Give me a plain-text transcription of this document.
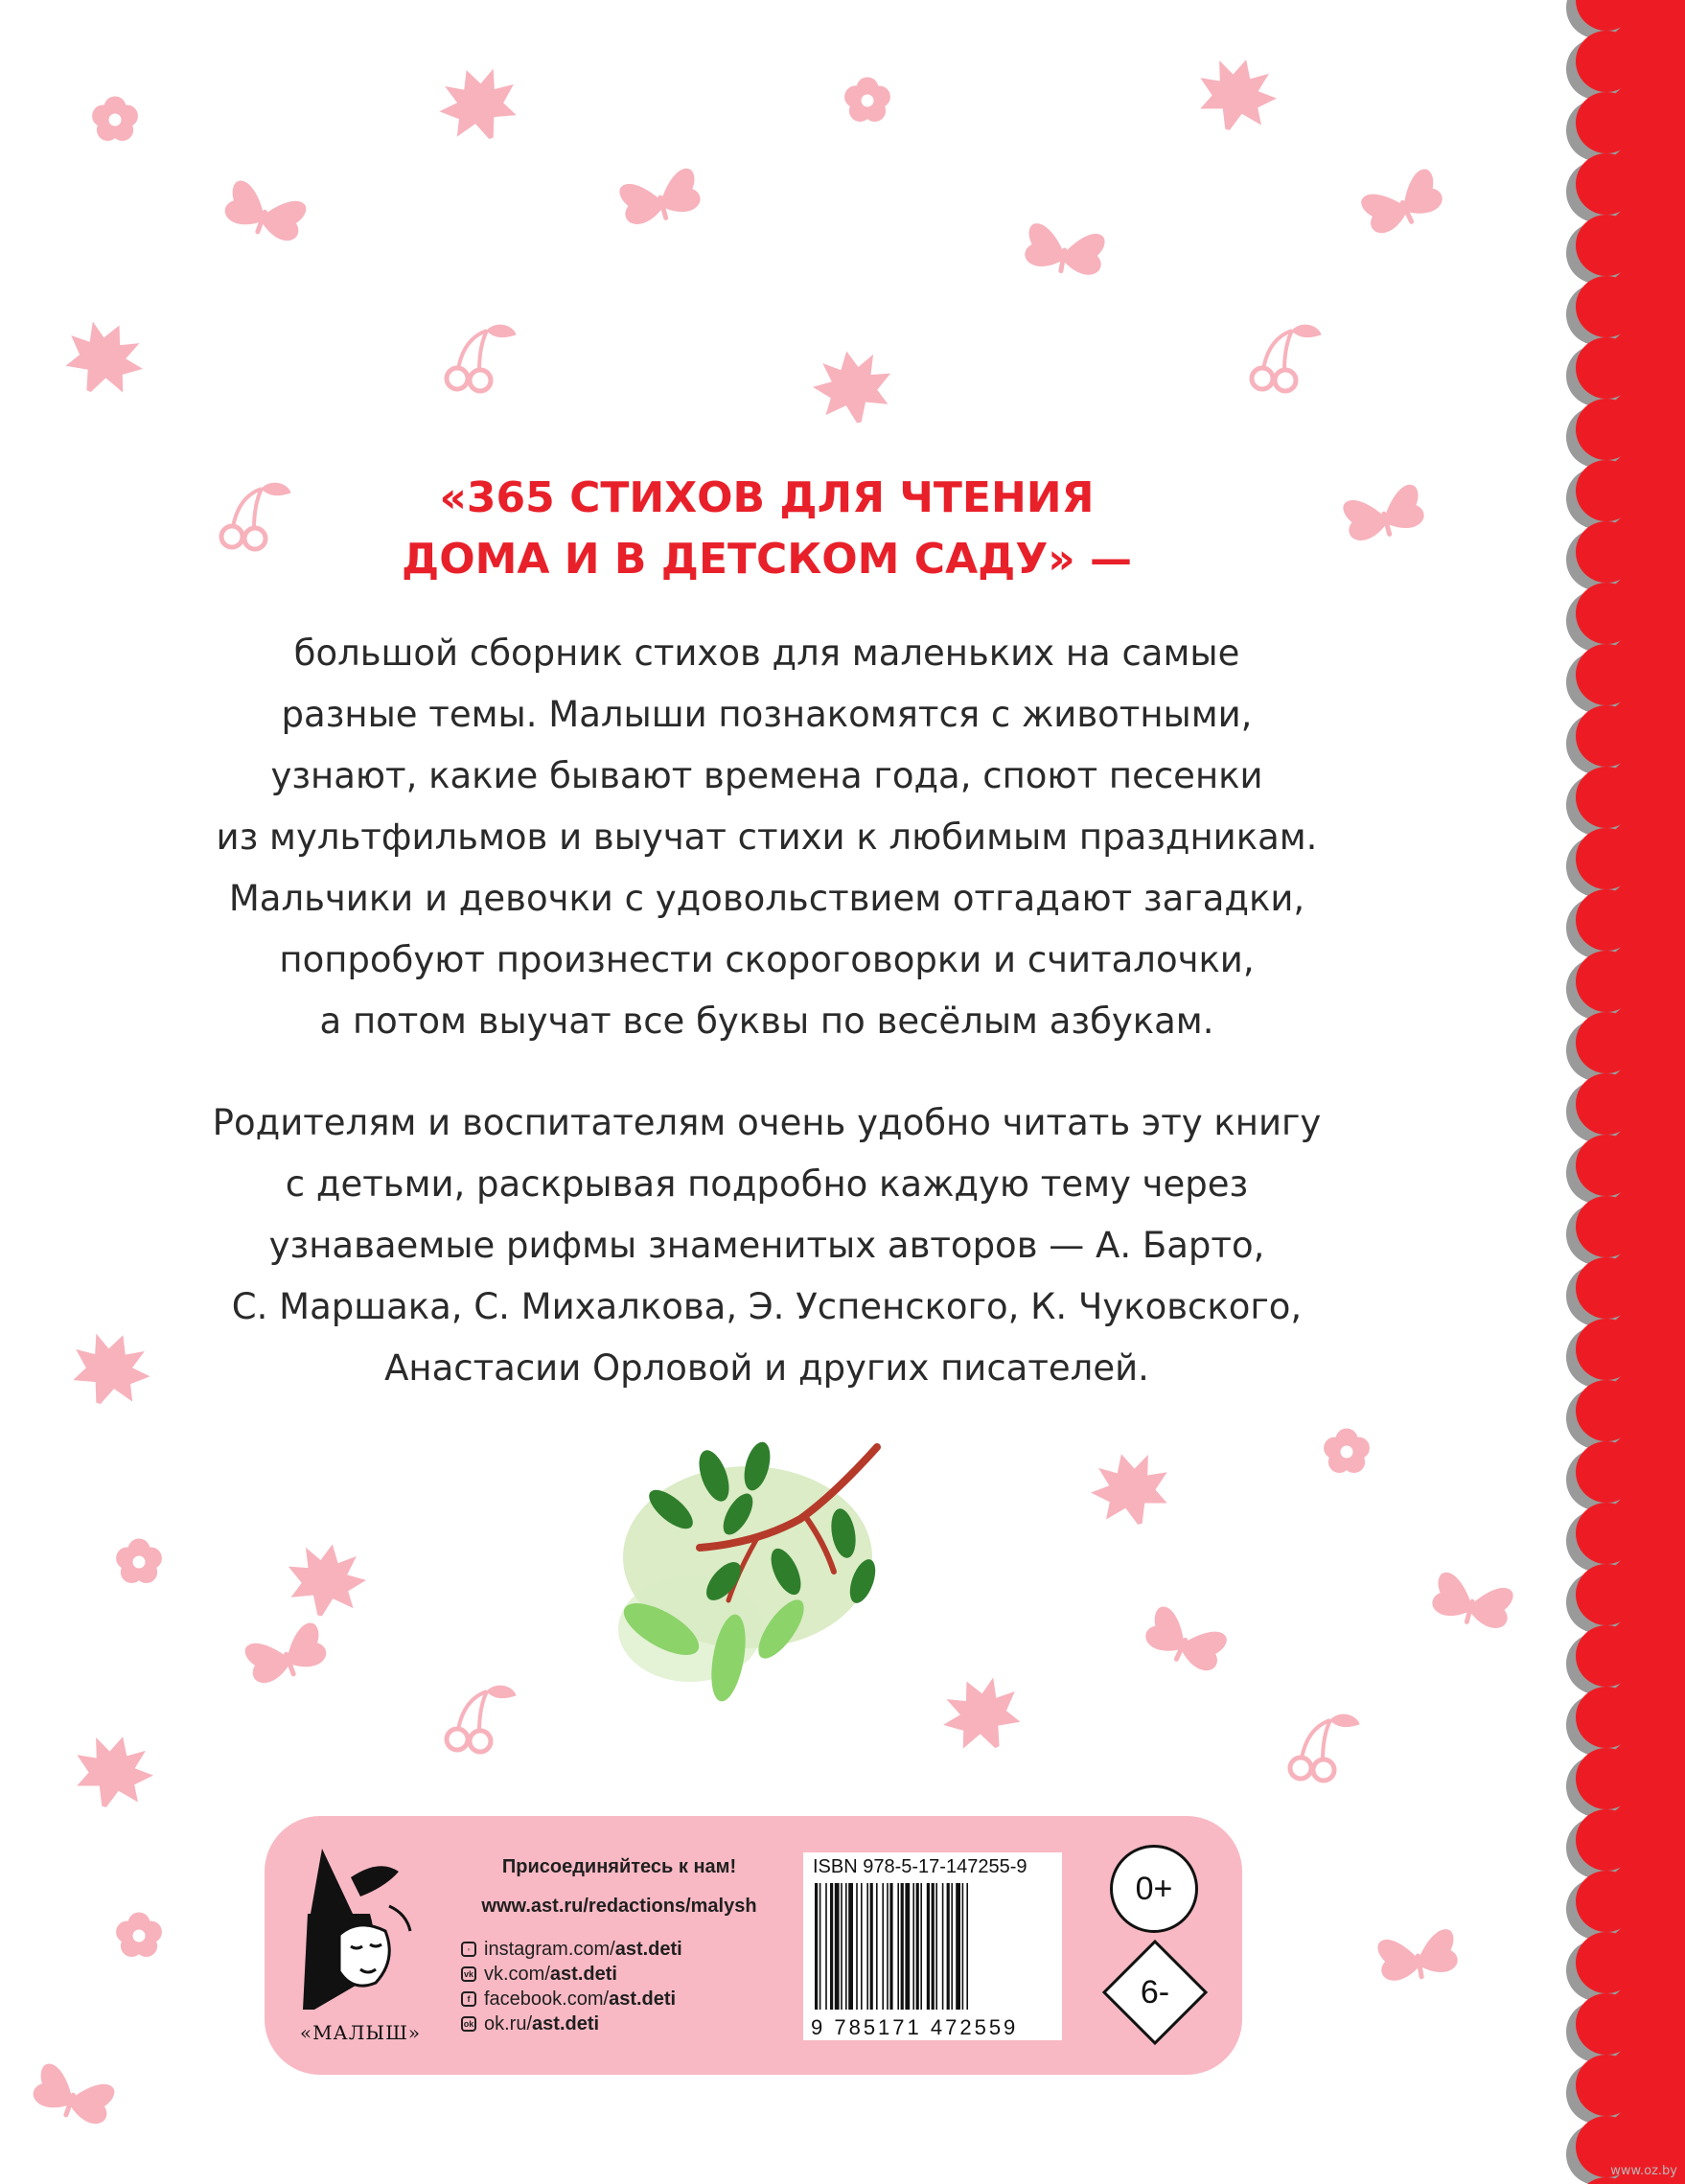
«365 СТИХОВ ДЛЯ ЧТЕНИЯ
ДОМА И В ДЕТСКОМ САДУ» —

большой сборник стихов для маленьких на самые
разные темы. Малыши познакомятся с животными,
узнают, какие бывают времена года, споют песенки
из мультфильмов и выучат стихи к любимым праздникам.
Мальчики и девочки с удовольствием отгадают загадки,
попробуют произнести скороговорки и считалочки,
а потом выучат все буквы по весёлым азбукам.

Родителям и воспитателям очень удобно читать эту книгу
с детьми, раскрывая подробно каждую тему через
узнаваемые рифмы знаменитых авторов — А. Барто,
С. Маршака, С. Михалкова, Э. Успенского, К. Чуковского,
Анастасии Орловой и других писателей.

«МАЛЫШ»

Присоединяйтесь к нам!

www.ast.ru/redactions/malysh

◦ instagram.com/ ast.deti
vk vk.com/ ast.deti
f facebook.com/ ast.deti
ok ok.ru/ ast.deti
ISBN 978-5-17-147255-9
9 785171 472559
0+
6-
www.oz.by
